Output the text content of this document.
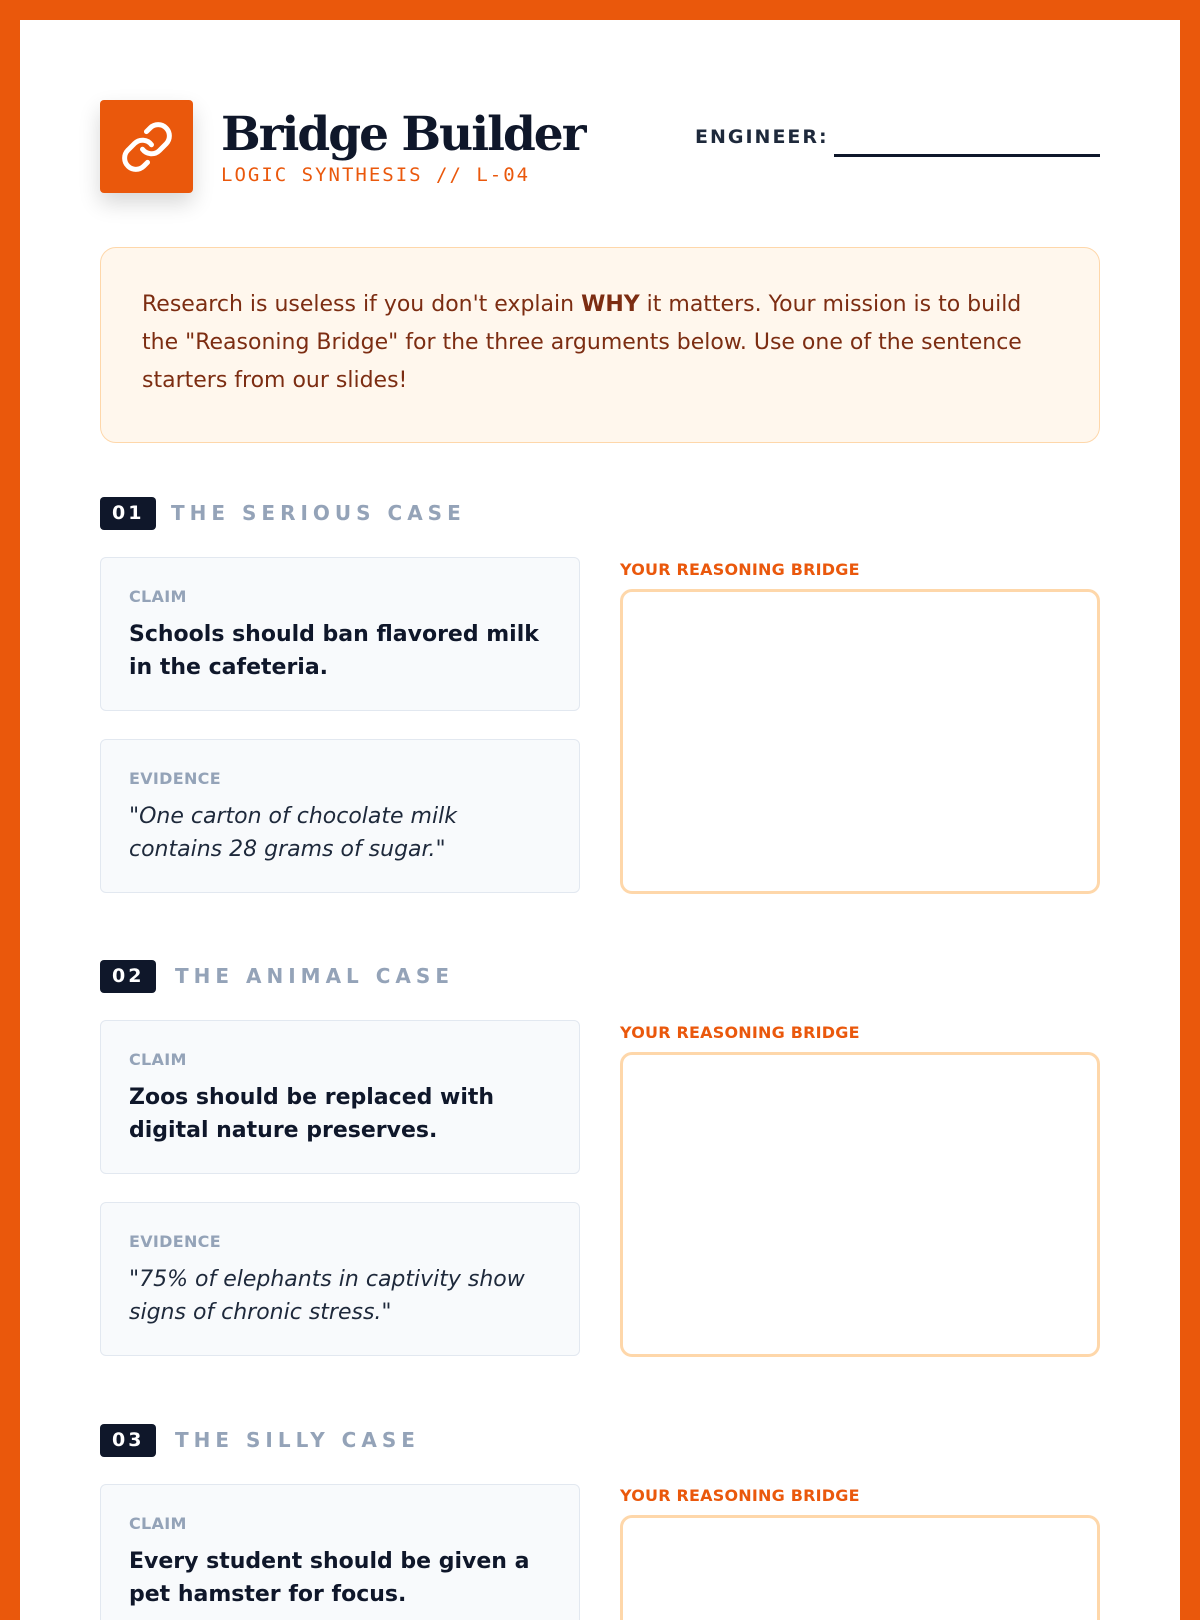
Bridge Builder
LOGIC SYNTHESIS // L-04
ENGINEER:
Research is useless if you don't explain WHY it matters. Your mission is to build the "Reasoning Bridge" for the three arguments below. Use one of the sentence starters from our slides!
01	THE SERIOUS CASE
CLAIM
Schools should ban flavored milk in the cafeteria.
EVIDENCE
"One carton of chocolate milk contains 28 grams of sugar."
YOUR REASONING BRIDGE
02	THE ANIMAL CASE
CLAIM
Zoos should be replaced with digital nature preserves.
EVIDENCE
"75% of elephants in captivity show signs of chronic stress."
YOUR REASONING BRIDGE
03	THE SILLY CASE
CLAIM
Every student should be given a pet hamster for focus.
YOUR REASONING BRIDGE
